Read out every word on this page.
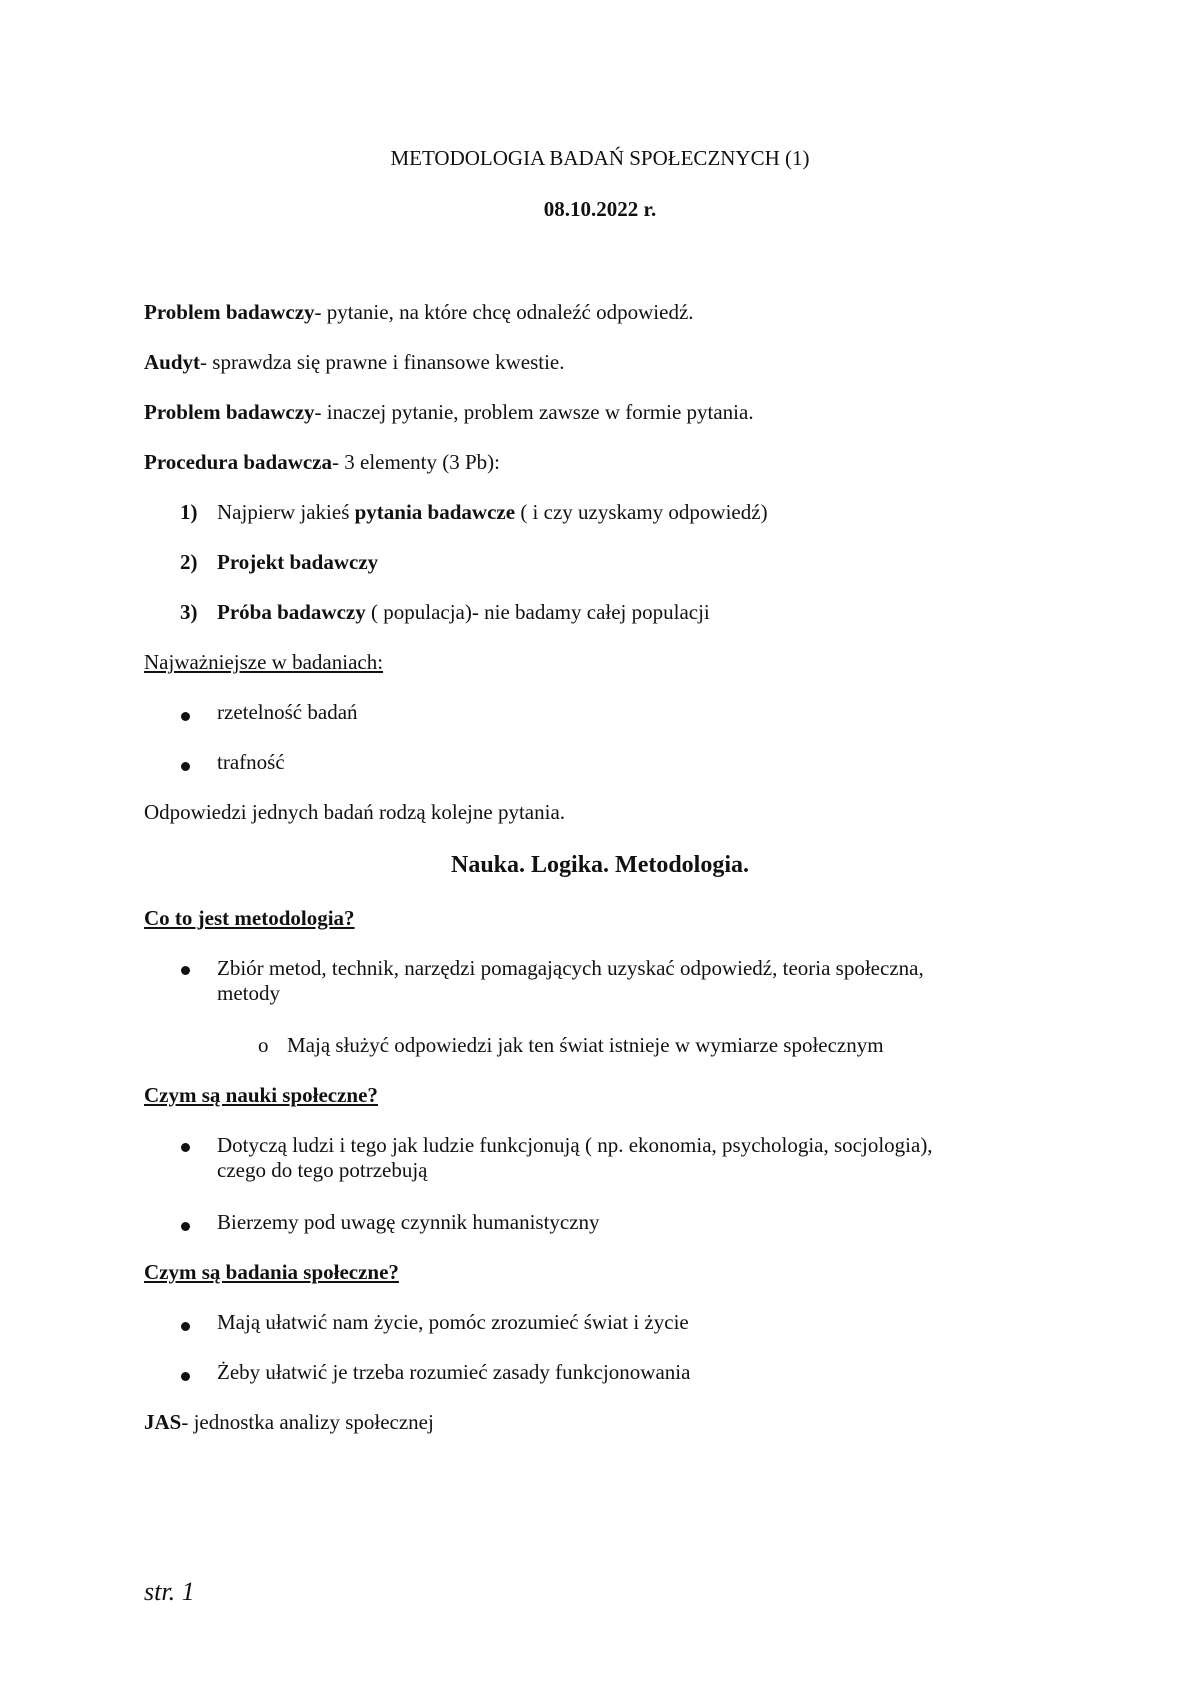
METODOLOGIA BADAŃ SPOŁECZNYCH (1)
08.10.2022 r.
Problem badawczy- pytanie, na które chcę odnaleźć odpowiedź.
Audyt- sprawdza się prawne i finansowe kwestie.
Problem badawczy- inaczej pytanie, problem zawsze w formie pytania.
Procedura badawcza- 3 elementy (3 Pb):
1) Najpierw jakieś pytania badawcze ( i czy uzyskamy odpowiedź)
2) Projekt badawczy
3) Próba badawczy ( populacja)- nie badamy całej populacji
Najważniejsze w badaniach:
rzetelność badań
trafność
Odpowiedzi jednych badań rodzą kolejne pytania.
Nauka. Logika. Metodologia.
Co to jest metodologia?
Zbiór metod, technik, narzędzi pomagających uzyskać odpowiedź, teoria społeczna,
metody
o Mają służyć odpowiedzi jak ten świat istnieje w wymiarze społecznym
Czym są nauki społeczne?
Dotyczą ludzi i tego jak ludzie funkcjonują ( np. ekonomia, psychologia, socjologia),
czego do tego potrzebują
Bierzemy pod uwagę czynnik humanistyczny
Czym są badania społeczne?
Mają ułatwić nam życie, pomóc zrozumieć świat i życie
Żeby ułatwić je trzeba rozumieć zasady funkcjonowania
JAS- jednostka analizy społecznej
str. 1
